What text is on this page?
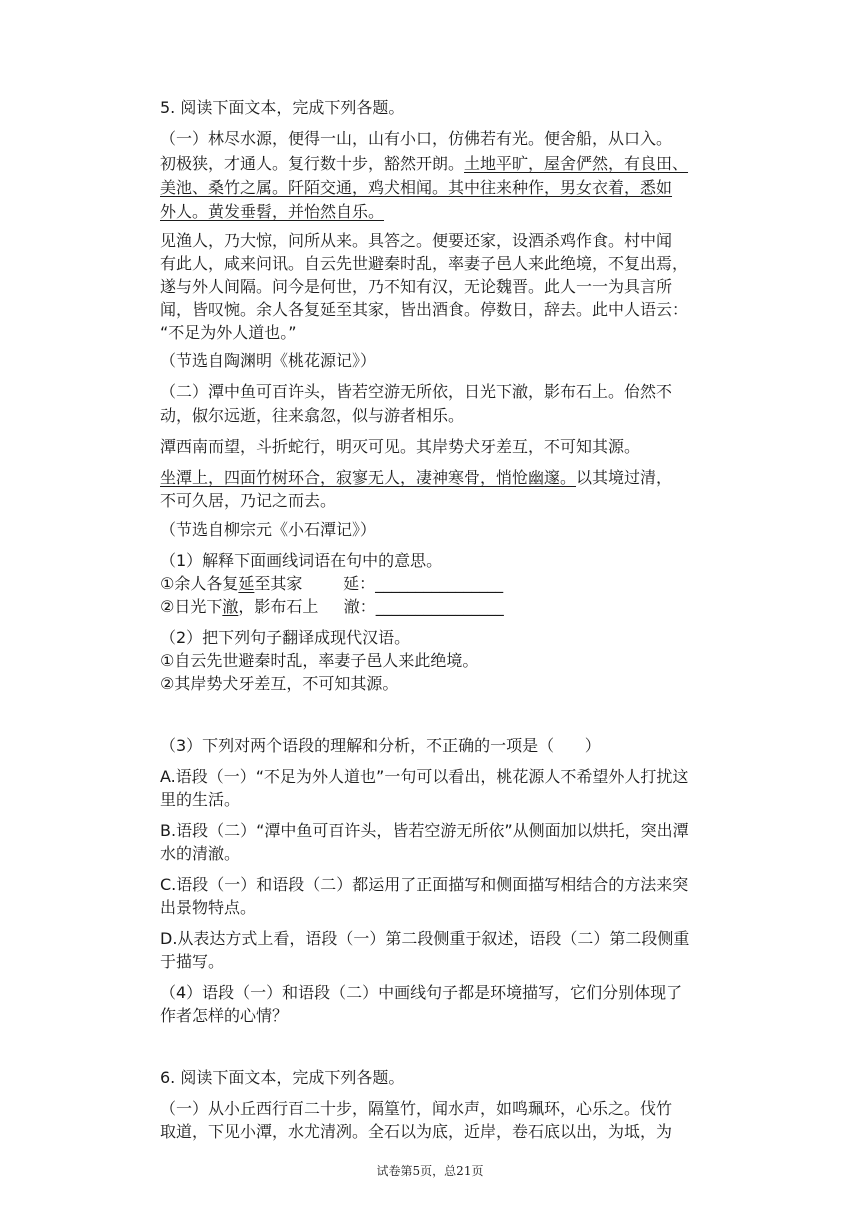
5. 阅读下面文本，完成下列各题。
（一）林尽水源，便得一山，山有小口，仿佛若有光。便舍船，从口入。
初极狭，才通人。复行数十步，豁然开朗。土地平旷，屋舍俨然，有良田、
美池、桑竹之属。阡陌交通，鸡犬相闻。其中往来种作，男女衣着，悉如
外人。黄发垂髫，并怡然自乐。
见渔人，乃大惊，问所从来。具答之。便要还家，设酒杀鸡作食。村中闻
有此人，咸来问讯。自云先世避秦时乱，率妻子邑人来此绝境，不复出焉，
遂与外人间隔。问今是何世，乃不知有汉，无论魏晋。此人一一为具言所
闻，皆叹惋。余人各复延至其家，皆出酒食。停数日，辞去。此中人语云：
“不足为外人道也。”
（节选自陶渊明《桃花源记》）
（二）潭中鱼可百许头，皆若空游无所依，日光下澈，影布石上。佁然不
动，俶尔远逝，往来翕忽，似与游者相乐。
潭西南而望，斗折蛇行，明灭可见。其岸势犬牙差互，不可知其源。
坐潭上，四面竹树环合，寂寥无人，凄神寒骨，悄怆幽邃。以其境过清，
不可久居，乃记之而去。
（节选自柳宗元《小石潭记》）
（1）解释下面画线词语在句中的意思。
①余人各复延至其家        延：________________
②日光下澈，影布石上     澈：________________
（2）把下列句子翻译成现代汉语。
①自云先世避秦时乱，率妻子邑人来此绝境。
②其岸势犬牙差互，不可知其源。
（3）下列对两个语段的理解和分析，不正确的一项是（      ）
A.语段（一）“不足为外人道也”一句可以看出，桃花源人不希望外人打扰这
里的生活。
B.语段（二）“潭中鱼可百许头，皆若空游无所依”从侧面加以烘托，突出潭
水的清澈。
C.语段（一）和语段（二）都运用了正面描写和侧面描写相结合的方法来突
出景物特点。
D.从表达方式上看，语段（一）第二段侧重于叙述，语段（二）第二段侧重
于描写。
（4）语段（一）和语段（二）中画线句子都是环境描写，它们分别体现了
作者怎样的心情？
6. 阅读下面文本，完成下列各题。
（一）从小丘西行百二十步，隔篁竹，闻水声，如鸣珮环，心乐之。伐竹
取道，下见小潭，水尤清冽。全石以为底，近岸，卷石底以出，为坻，为
试卷第5页，总21页
